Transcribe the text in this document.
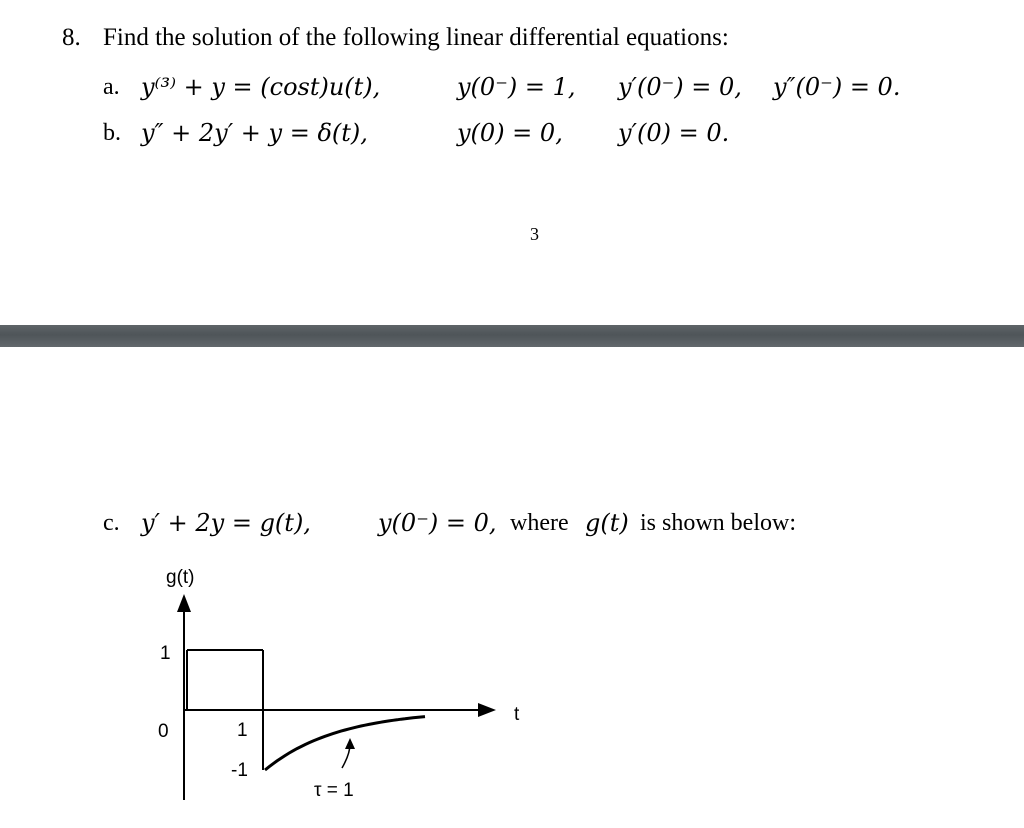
8. Find the solution of the following linear differential equations:
a. y⁽³⁾ + y = (cost)u(t),	y(0⁻) = 1, y′(0⁻) = 0, y″(0⁻) = 0.
b. y″ + 2y′ + y = δ(t),	y(0) = 0, y′(0) = 0.
3
c. y′ + 2y = g(t),	y(0⁻) = 0, where g(t) is shown below:
g(t)
t
1
0
-1
1
τ = 1
